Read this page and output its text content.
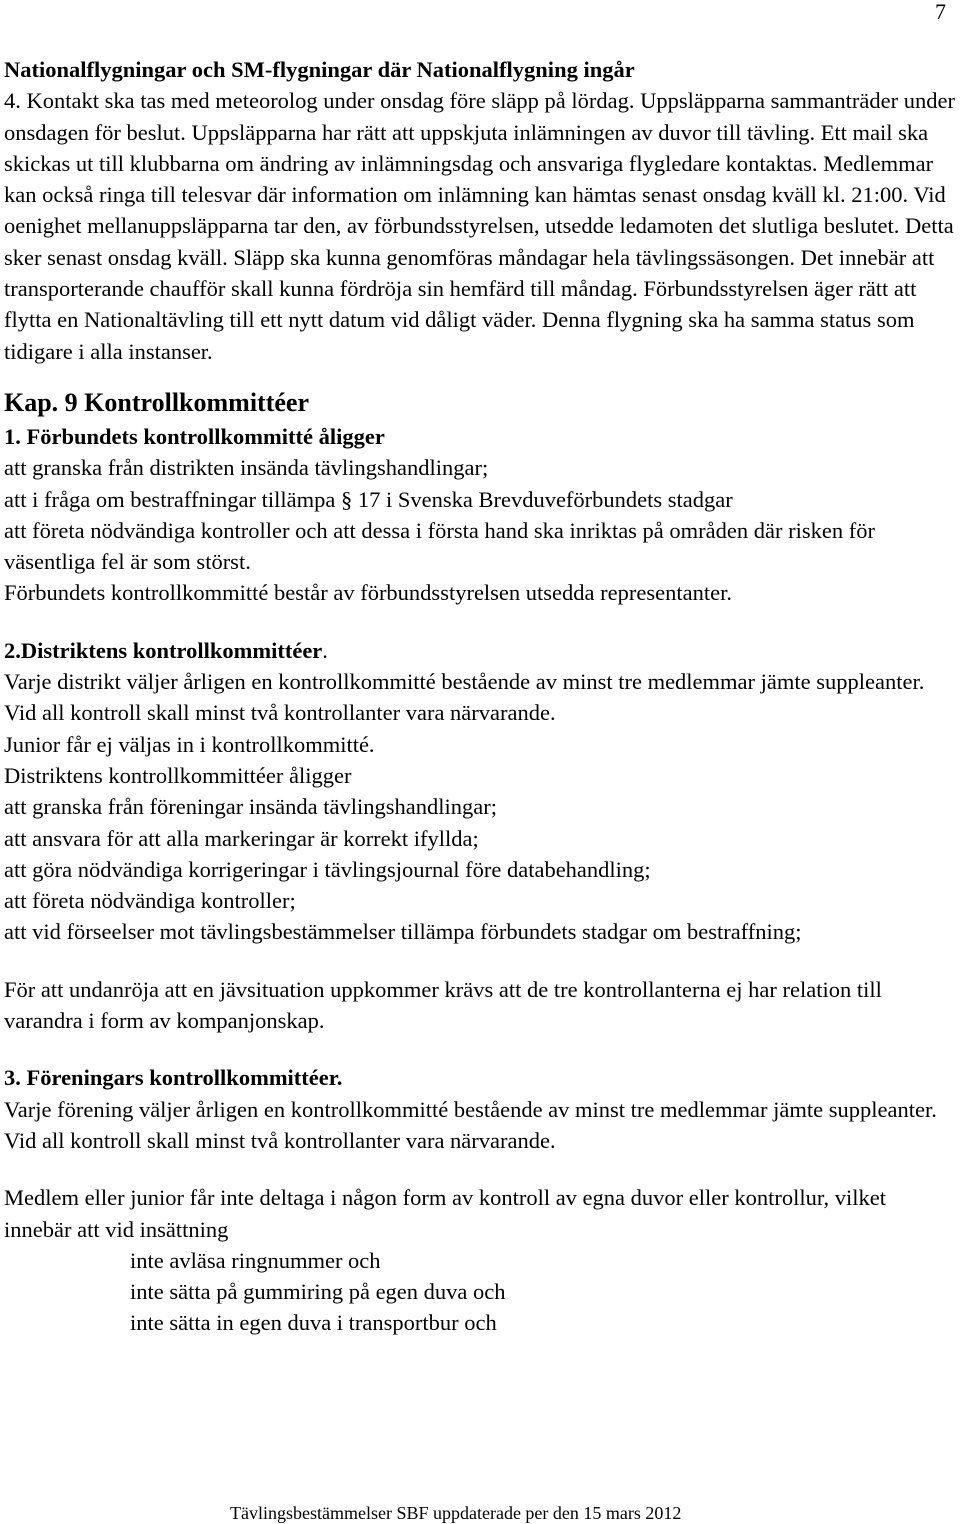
7

Nationalflygningar och SM-flygningar där Nationalflygning ingår

4. Kontakt ska tas med meteorolog under onsdag före släpp på lördag. Uppsläpparna sammanträder under onsdagen för beslut. Uppsläpparna har rätt att uppskjuta inlämningen av duvor till tävling. Ett mail ska skickas ut till klubbarna om ändring av inlämningsdag och ansvariga flygledare kontaktas. Medlemmar kan också ringa till telesvar där information om inlämning kan hämtas senast onsdag kväll kl. 21:00. Vid oenighet mellanuppsläpparna tar den, av förbundsstyrelsen, utsedde ledamoten det slutliga beslutet. Detta sker senast onsdag kväll. Släpp ska kunna genomföras måndagar hela tävlingssäsongen. Det innebär att transporterande chaufför skall kunna fördröja sin hemfärd till måndag. Förbundsstyrelsen äger rätt att flytta en Nationaltävling till ett nytt datum vid dåligt väder. Denna flygning ska ha samma status som tidigare i alla instanser.

Kap. 9 Kontrollkommittéer

1. Förbundets kontrollkommitté åligger

att granska från distrikten insända tävlingshandlingar;

att i fråga om bestraffningar tillämpa § 17 i Svenska Brevduveförbundets stadgar

att företa nödvändiga kontroller och att dessa i första hand ska inriktas på områden där risken för väsentliga fel är som störst.

Förbundets kontrollkommitté består av förbundsstyrelsen utsedda representanter.

2.Distriktens kontrollkommittéer.

Varje distrikt väljer årligen en kontrollkommitté bestående av minst tre medlemmar jämte suppleanter. Vid all kontroll skall minst två kontrollanter vara närvarande.

Junior får ej väljas in i kontrollkommitté.

Distriktens kontrollkommittéer åligger

att granska från föreningar insända tävlingshandlingar;

att ansvara för att alla markeringar är korrekt ifyllda;

att göra nödvändiga korrigeringar i tävlingsjournal före databehandling;

att företa nödvändiga kontroller;

att vid förseelser mot tävlingsbestämmelser tillämpa förbundets stadgar om bestraffning;

För att undanröja att en jävsituation uppkommer krävs att de tre kontrollanterna ej har relation till varandra i form av kompanjonskap.

3. Föreningars kontrollkommittéer.

Varje förening väljer årligen en kontrollkommitté bestående av minst tre medlemmar jämte suppleanter. Vid all kontroll skall minst två kontrollanter vara närvarande.

Medlem eller junior får inte deltaga i någon form av kontroll av egna duvor eller kontrollur, vilket innebär att vid insättning

inte avläsa ringnummer och

inte sätta på gummiring på egen duva och

inte sätta in egen duva i transportbur och

Tävlingsbestämmelser SBF uppdaterade per den 15 mars 2012
